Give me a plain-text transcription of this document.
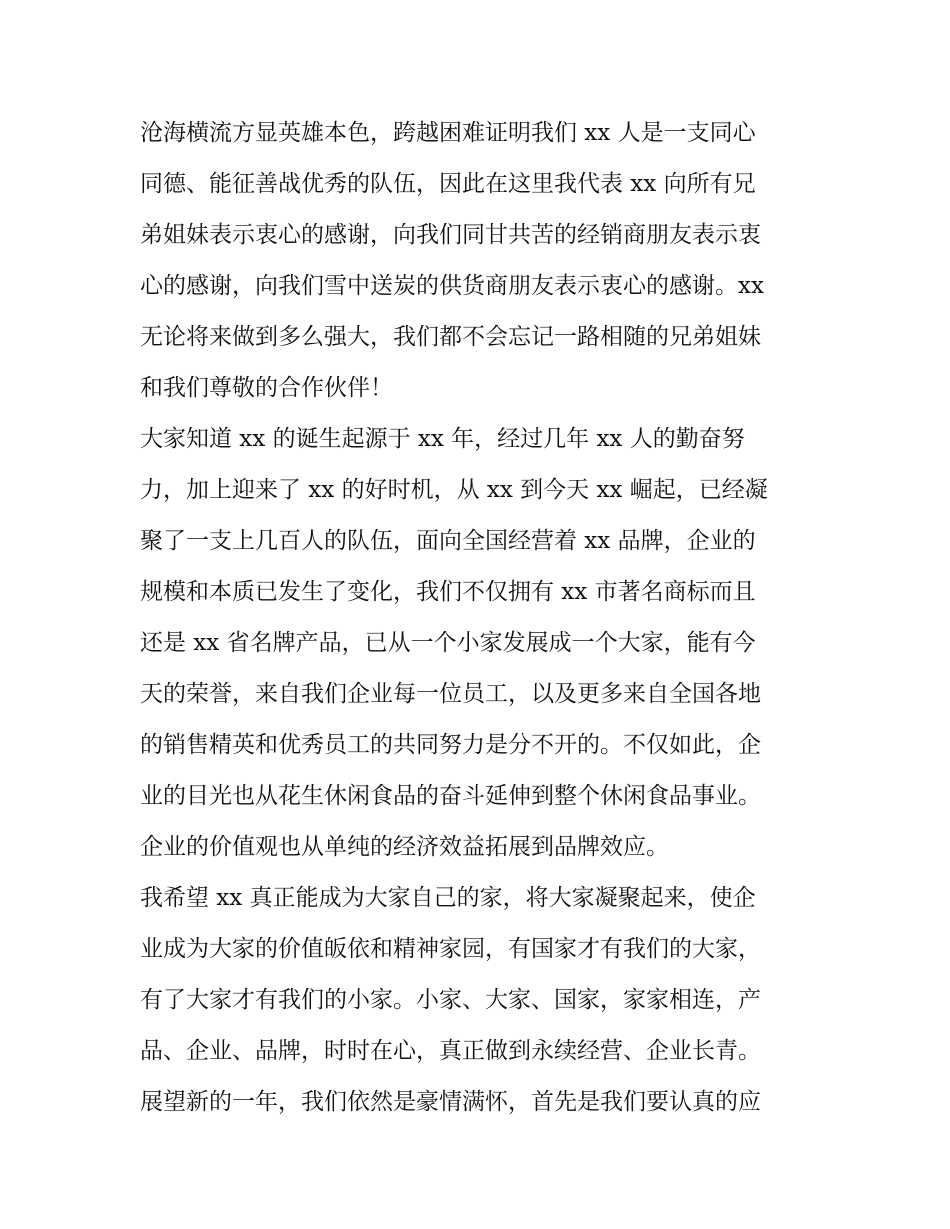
沧海横流方显英雄本色，跨越困难证明我们 xx 人是一支同心
同德、能征善战优秀的队伍，因此在这里我代表 xx 向所有兄
弟姐妹表示衷心的感谢，向我们同甘共苦的经销商朋友表示衷
心的感谢，向我们雪中送炭的供货商朋友表示衷心的感谢。xx
无论将来做到多么强大，我们都不会忘记一路相随的兄弟姐妹
和我们尊敬的合作伙伴！
大家知道 xx 的诞生起源于 xx 年，经过几年 xx 人的勤奋努
力，加上迎来了 xx 的好时机，从 xx 到今天 xx 崛起，已经凝
聚了一支上几百人的队伍，面向全国经营着 xx 品牌，企业的
规模和本质已发生了变化，我们不仅拥有 xx 市著名商标而且
还是 xx 省名牌产品，已从一个小家发展成一个大家，能有今
天的荣誉，来自我们企业每一位员工，以及更多来自全国各地
的销售精英和优秀员工的共同努力是分不开的。不仅如此，企
业的目光也从花生休闲食品的奋斗延伸到整个休闲食品事业。
企业的价值观也从单纯的经济效益拓展到品牌效应。
我希望 xx 真正能成为大家自己的家，将大家凝聚起来，使企
业成为大家的价值皈依和精神家园，有国家才有我们的大家，
有了大家才有我们的小家。小家、大家、国家，家家相连，产
品、企业、品牌，时时在心，真正做到永续经营、企业长青。
展望新的一年，我们依然是豪情满怀，首先是我们要认真的应
